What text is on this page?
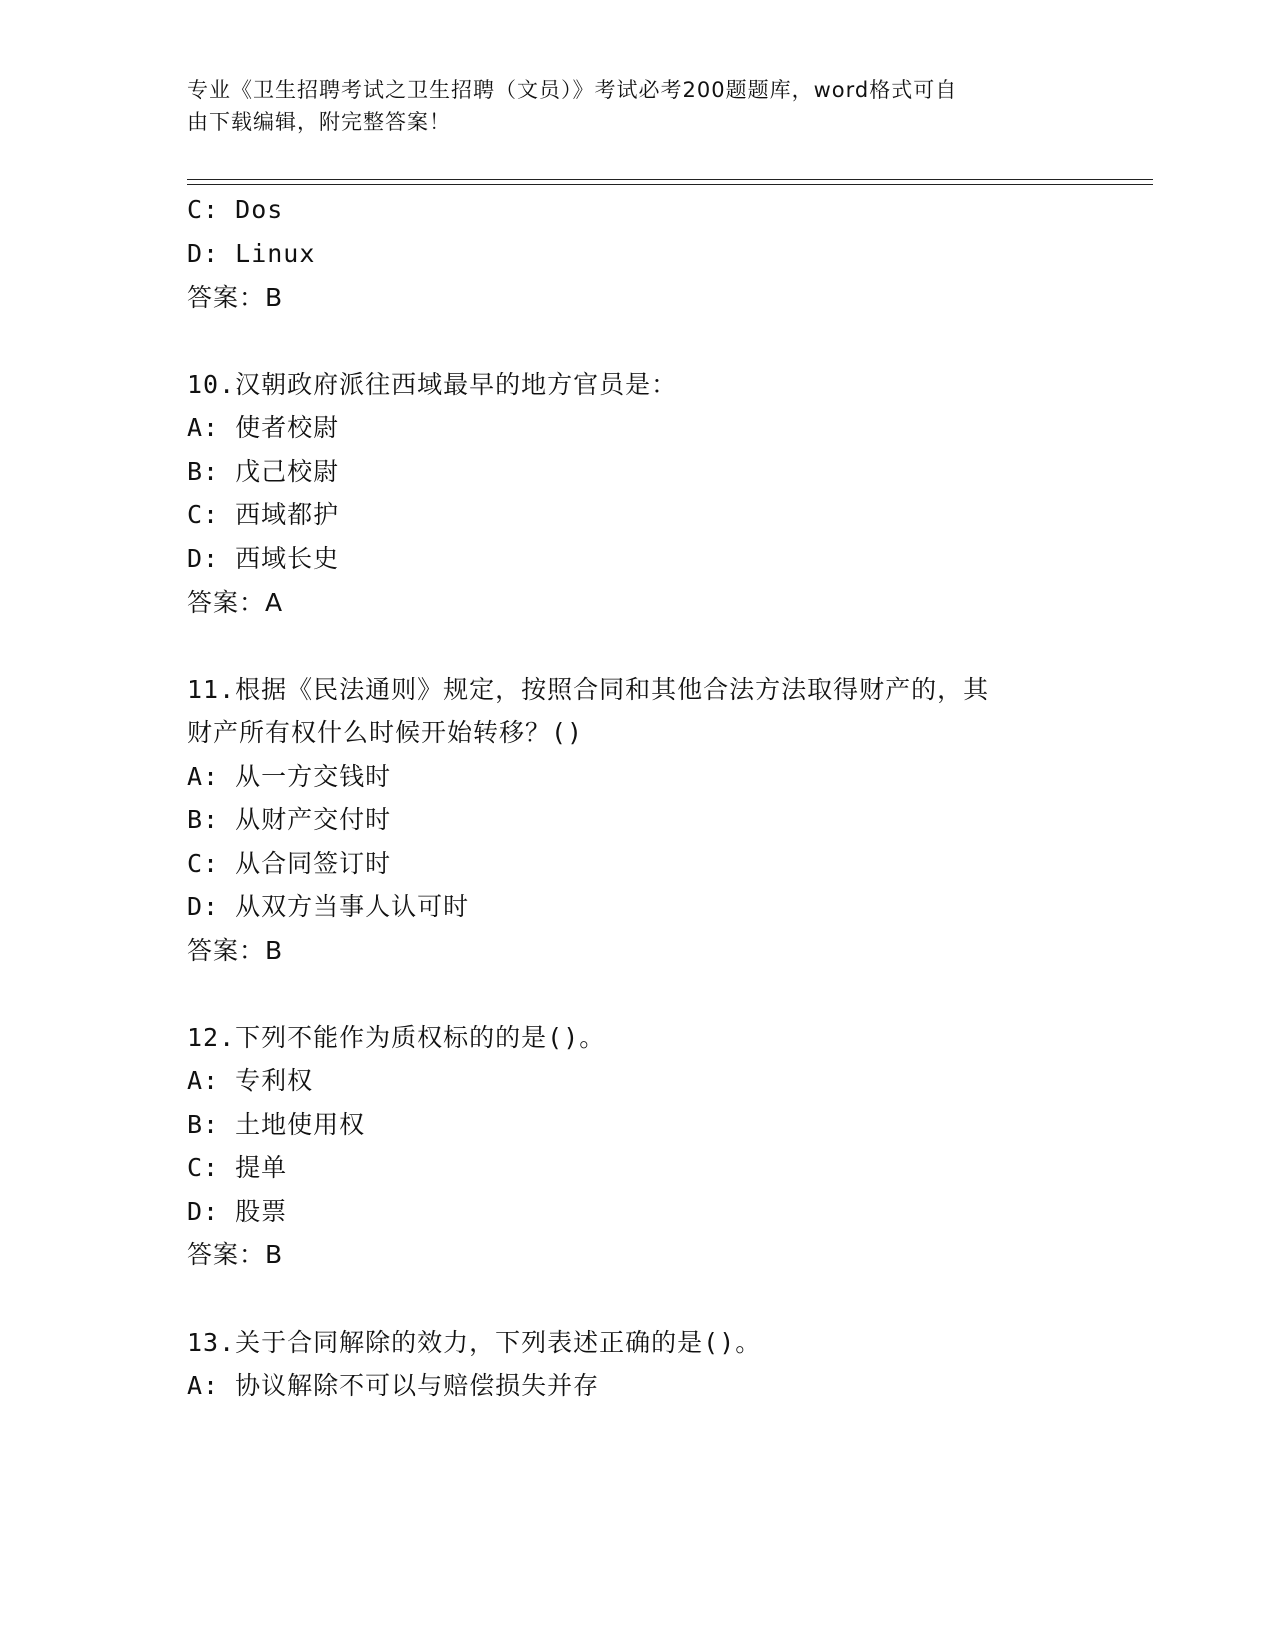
专业《卫生招聘考试之卫生招聘（文员）》考试必考200题题库，word格式可自
由下载编辑，附完整答案！
C: Dos
D: Linux
答案：B
10.汉朝政府派往西域最早的地方官员是：
A: 使者校尉
B: 戊己校尉
C: 西域都护
D: 西域长史
答案：A
11.根据《民法通则》规定，按照合同和其他合法方法取得财产的，其
财产所有权什么时候开始转移？()
A: 从一方交钱时
B: 从财产交付时
C: 从合同签订时
D: 从双方当事人认可时
答案：B
12.下列不能作为质权标的的是()。
A: 专利权
B: 土地使用权
C: 提单
D: 股票
答案：B
13.关于合同解除的效力，下列表述正确的是()。
A: 协议解除不可以与赔偿损失并存
